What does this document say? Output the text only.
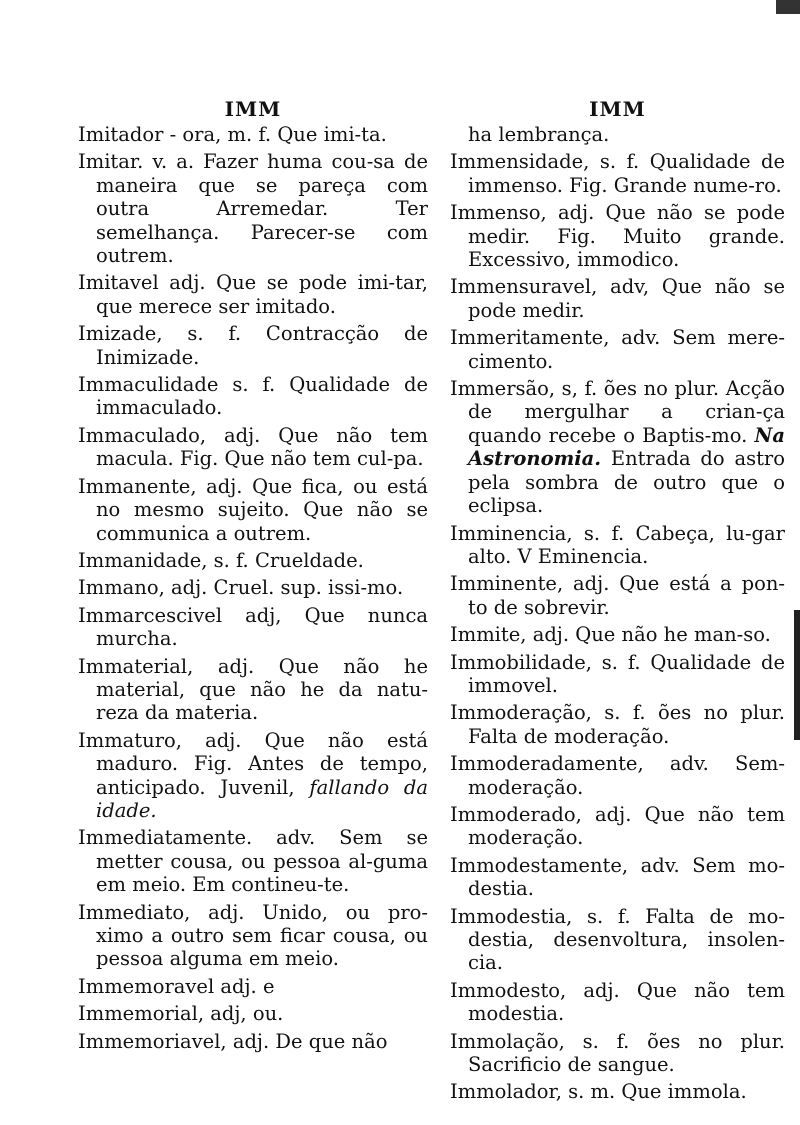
IMM
Imitador - ora, m. f. Que imi-ta.
Imitar. v. a. Fazer huma cou-sa de maneira que se pareça com outra Arremedar. Ter semelhança. Parecer-se com outrem.
Imitavel adj. Que se pode imi-tar, que merece ser imitado.
Imizade, s. f. Contracção de Inimizade.
Immaculidade s. f. Qualidade de immaculado.
Immaculado, adj. Que não tem macula. Fig. Que não tem cul-pa.
Immanente, adj. Que fica, ou está no mesmo sujeito. Que não se communica a outrem.
Immanidade, s. f. Crueldade.
Immano, adj. Cruel. sup. issi-mo.
Immarcescivel adj, Que nunca murcha.
Immaterial, adj. Que não he material, que não he da natu-reza da materia.
Immaturo, adj. Que não está maduro. Fig. Antes de tempo, anticipado. Juvenil, fallando da idade.
Immediatamente. adv. Sem se metter cousa, ou pessoa al-guma em meio. Em contineu-te.
Immediato, adj. Unido, ou pro-ximo a outro sem ficar cousa, ou pessoa alguma em meio.
Immemoravel adj. e
Immemorial, adj, ou.
Immemoriavel, adj. De que não
IMM
ha lembrança.
Immensidade, s. f. Qualidade de immenso. Fig. Grande nume-ro.
Immenso, adj. Que não se pode medir. Fig. Muito grande. Excessivo, immodico.
Immensuravel, adv, Que não se pode medir.
Immeritamente, adv. Sem mere-cimento.
Immersão, s, f. ões no plur. Acção de mergulhar a crian-ça quando recebe o Baptis-mo. Na Astronomia. Entrada do astro pela sombra de outro que o eclipsa.
Imminencia, s. f. Cabeça, lu-gar alto. V Eminencia.
Imminente, adj. Que está a pon-to de sobrevir.
Immite, adj. Que não he man-so.
Immobilidade, s. f. Qualidade de immovel.
Immoderação, s. f. ões no plur. Falta de moderação.
Immoderadamente, adv. Sem-moderação.
Immoderado, adj. Que não tem moderação.
Immodestamente, adv. Sem mo-destia.
Immodestia, s. f. Falta de mo-destia, desenvoltura, insolen-cia.
Immodesto, adj. Que não tem modestia.
Immolação, s. f. ões no plur. Sacrificio de sangue.
Immolador, s. m. Que immola.
